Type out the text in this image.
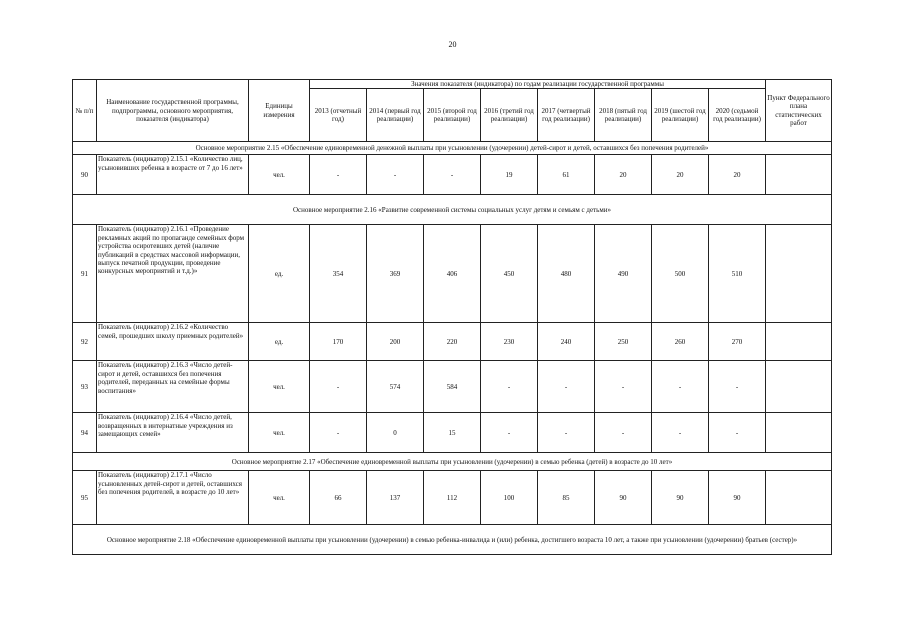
20
№ п/п	Наименование государственной программы, подпрограммы, основного мероприятия, показателя (индикатора)	Единицы измерения	Значения показателя (индикатора) по годам реализации государственной программы								Пункт Федерального плана статистических работ
			2013 (отчетный год)	2014 (первый год реализации)	2015 (второй год реализации)	2016 (третий год реализации)	2017 (четвертый год реализации)	2018 (пятый год реализации)	2019 (шестой год реализации)	2020 (седьмой год реализации)	
Основное мероприятие 2.15 «Обеспечение единовременной денежной выплаты при усыновлении (удочерении) детей-сирот и детей, оставшихся без попечения родителей»											
90	Показатель (индикатор) 2.15.1 «Количество лиц, усыновивших ребенка в возрасте от 7 до 16 лет»	чел.	-	-	-	19	61	20	20	20	
Основное мероприятие 2.16 «Развитие современной системы социальных услуг детям и семьям с детьми»											
91	Показатель (индикатор) 2.16.1 «Проведение рекламных акций по пропаганде семейных форм устройства осиротевших детей (наличие публикаций в средствах массовой информации, выпуск печатной продукции, проведение конкурсных мероприятий и т.д.)»	ед.	354	369	406	450	480	490	500	510	
92	Показатель (индикатор) 2.16.2 «Количество семей, прошедших школу приемных родителей»	ед.	170	200	220	230	240	250	260	270	
93	Показатель (индикатор) 2.16.3 «Число детей-сирот и детей, оставшихся без попечения родителей, переданных на семейные формы воспитания»	чел.	-	574	584	-	-	-	-	-	
94	Показатель (индикатор) 2.16.4 «Число детей, возвращенных в интернатные учреждения из замещающих семей»	чел.	-	0	15	-	-	-	-	-	
Основное мероприятие 2.17 «Обеспечение единовременной выплаты при усыновлении (удочерении) в семью ребенка (детей) в возрасте до 10 лет»											
95	Показатель (индикатор) 2.17.1 «Число усыновленных детей-сирот и детей, оставшихся без попечения родителей, в возрасте до 10 лет»	чел.	66	137	112	100	85	90	90	90	
Основное мероприятие 2.18 «Обеспечение единовременной выплаты при усыновлении (удочерении) в семью ребенка-инвалида и (или) ребенка, достигшего возраста 10 лет, а также при усыновлении (удочерении) братьев (сестер)»											
